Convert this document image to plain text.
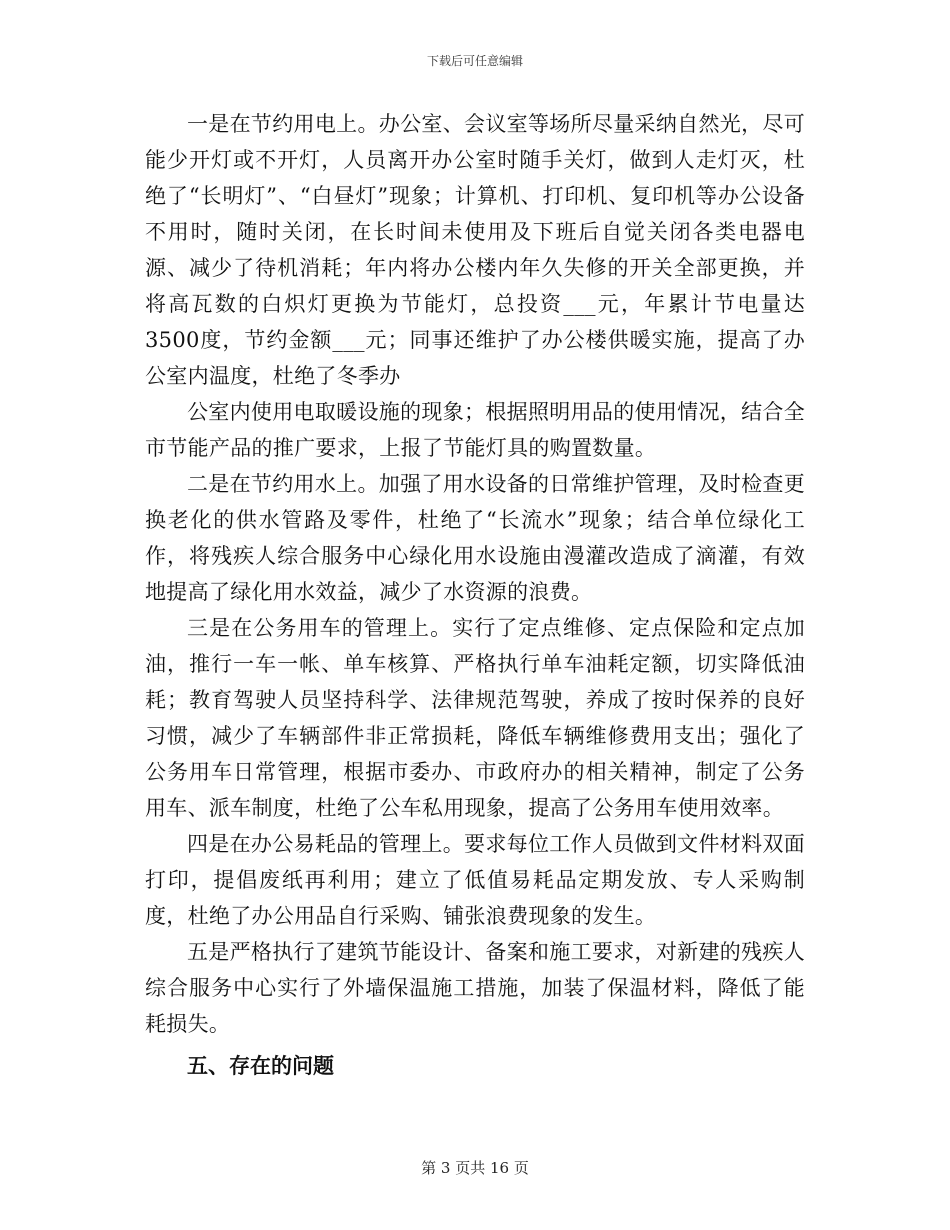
下载后可任意编辑

一是在节约用电上。办公室、会议室等场所尽量采纳自然光，尽可能少开灯或不开灯，人员离开办公室时随手关灯，做到人走灯灭，杜绝了“长明灯”、“白昼灯”现象；计算机、打印机、复印机等办公设备不用时，随时关闭，在长时间未使用及下班后自觉关闭各类电器电源、减少了待机消耗；年内将办公楼内年久失修的开关全部更换，并将高瓦数的白炽灯更换为节能灯，总投资___元，年累计节电量达3500度，节约金额___元；同事还维护了办公楼供暖实施，提高了办公室内温度，杜绝了冬季办

公室内使用电取暖设施的现象；根据照明用品的使用情况，结合全市节能产品的推广要求，上报了节能灯具的购置数量。

二是在节约用水上。加强了用水设备的日常维护管理，及时检查更换老化的供水管路及零件，杜绝了“长流水”现象；结合单位绿化工作，将残疾人综合服务中心绿化用水设施由漫灌改造成了滴灌，有效地提高了绿化用水效益，减少了水资源的浪费。

三是在公务用车的管理上。实行了定点维修、定点保险和定点加油，推行一车一帐、单车核算、严格执行单车油耗定额，切实降低油耗；教育驾驶人员坚持科学、法律规范驾驶，养成了按时保养的良好习惯，减少了车辆部件非正常损耗，降低车辆维修费用支出；强化了公务用车日常管理，根据市委办、市政府办的相关精神，制定了公务用车、派车制度，杜绝了公车私用现象，提高了公务用车使用效率。

四是在办公易耗品的管理上。要求每位工作人员做到文件材料双面打印，提倡废纸再利用；建立了低值易耗品定期发放、专人采购制度，杜绝了办公用品自行采购、铺张浪费现象的发生。

五是严格执行了建筑节能设计、备案和施工要求，对新建的残疾人综合服务中心实行了外墙保温施工措施，加装了保温材料，降低了能耗损失。

五、存在的问题

第 3 页共 16 页
